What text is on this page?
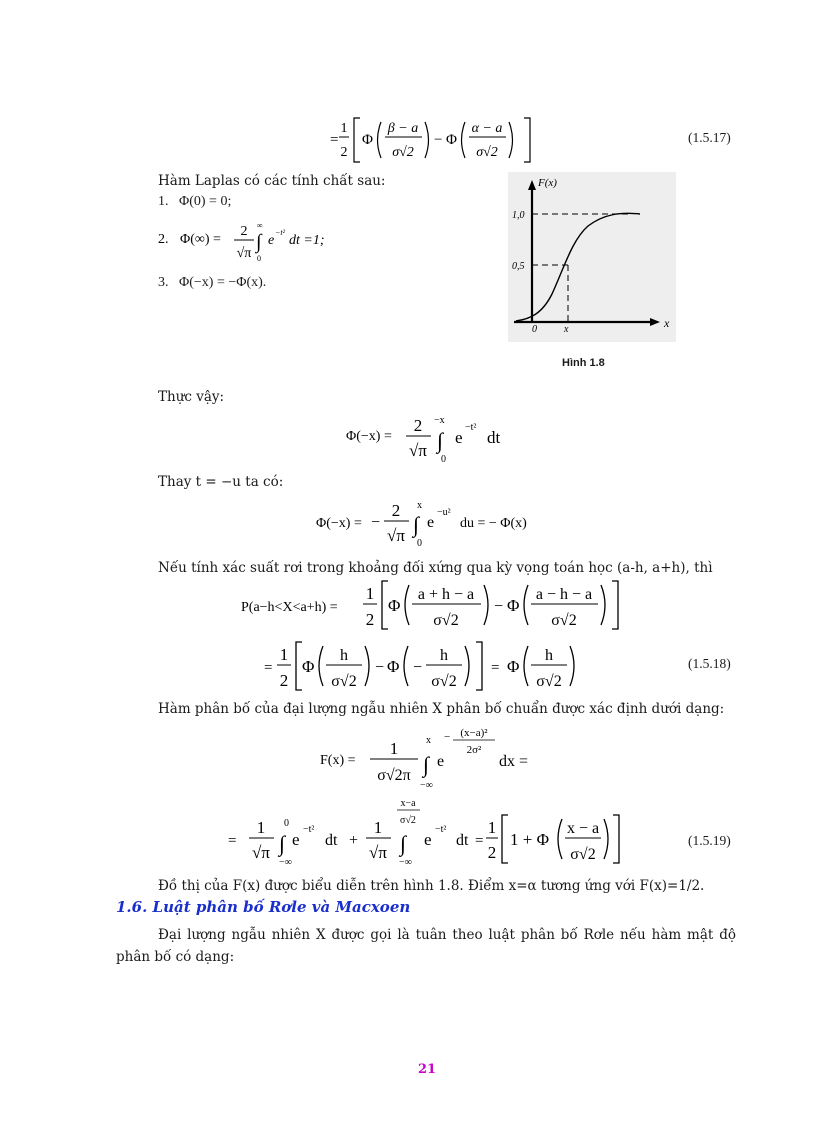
=
1
2
Φ
β − a
σ√2
− Φ
α − a
σ√2
(1.5.17)
Hàm Laplas có các tính chất sau:
1. Φ(0) = 0;
2. Φ(∞) =
2
√π
∫
∞
0
e
−t²
dt =1;
3. Φ(−x) = −Φ(x).
F(x)
1,0
0,5
0	x	x
Hình 1.8
Thực vậy:
Φ(−x) =
2
√π ∫
−x
0
e
−t²
dt
Thay t = −u ta có:
Φ(−x) = −
2
√π ∫
x
0
e
−u²
du = − Φ(x)
Nếu tính xác suất rơi trong khoảng đối xứng qua kỳ vọng toán học (a-h, a+h), thì
P(a−h<X<a+h) =
1
2
Φ
a + h − a
σ√2
− Φ
a − h − a
σ√2
=
1
2
Φ
h
σ√2
− Φ −
h
σ√2
= Φ
h
σ√2
(1.5.18)
Hàm phân bố của đại lượng ngẫu nhiên X phân bố chuẩn được xác định dưới dạng:
F(x) =
1
σ√2π ∫
x
−∞
e
− (x−a)²
2σ²
dx =
=
1
√π ∫
0
−∞
e
−t²
dt +
1
√π ∫
x−a
σ√2
−∞
e
−t²
dt =
1
2
1 + Φ
x − a
σ√2
(1.5.19)
Đồ thị của F(x) được biểu diễn trên hình 1.8. Điểm x=α tương ứng với F(x)=1/2.
1.6. Luật phân bố Rơle và Macxoen
Đại lượng ngẫu nhiên X được gọi là tuân theo luật phân bố Rơle nếu hàm mật độ phân bố có dạng:
21
